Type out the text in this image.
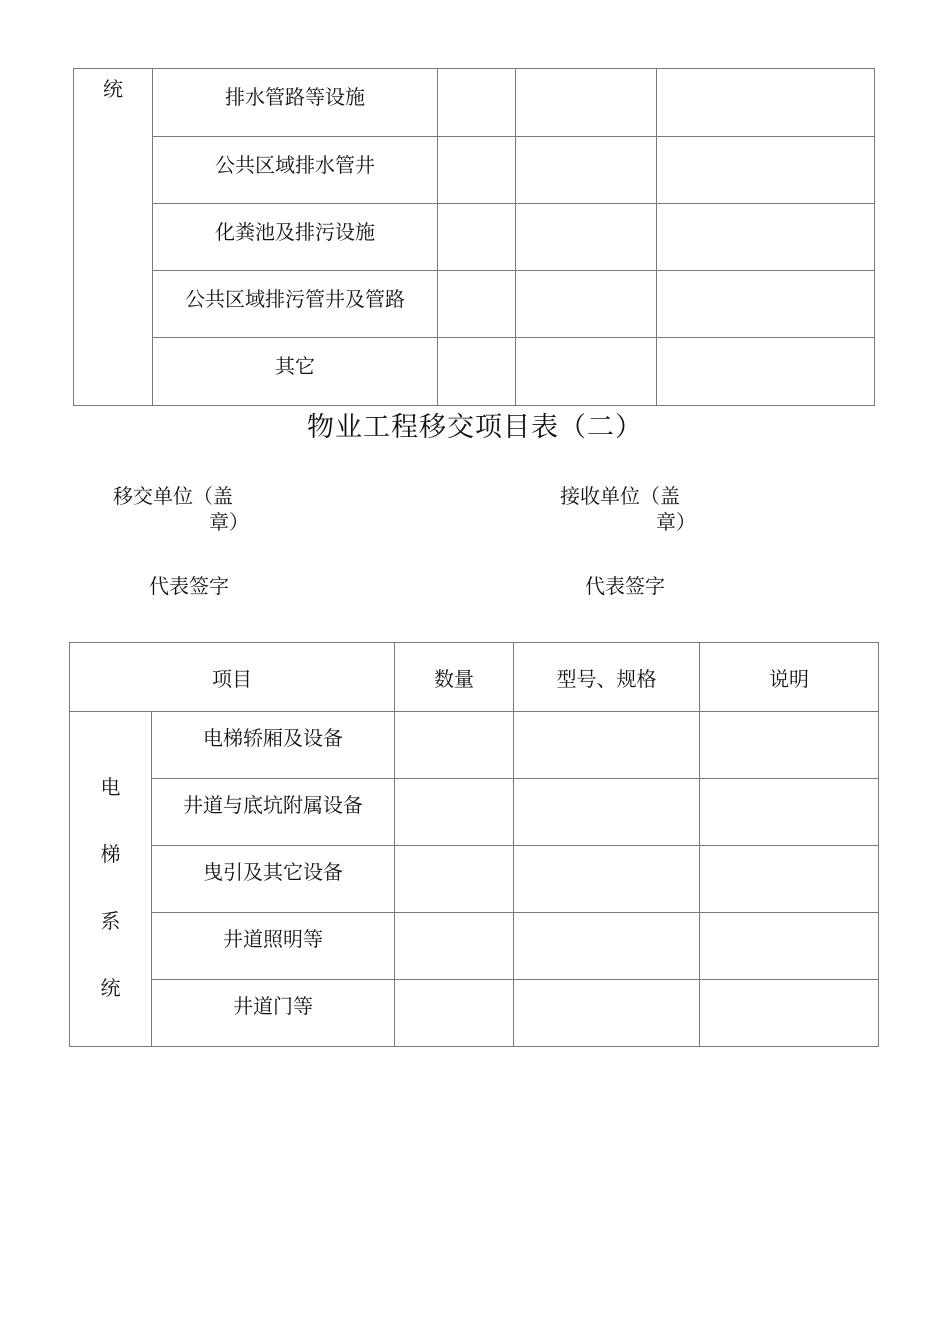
统	排水管路等设施			
	公共区域排水管井			
	化粪池及排污设施			
	公共区域排污管井及管路			
	其它			
物业工程移交项目表（二）
移交单位（盖
章）
接收单位（盖
章）
代表签字	代表签字
项目		数量	型号、规格	说明

电
梯
系
统	电梯轿厢及设备			
	井道与底坑附属设备			
	曳引及其它设备			
	井道照明等			
	井道门等			
